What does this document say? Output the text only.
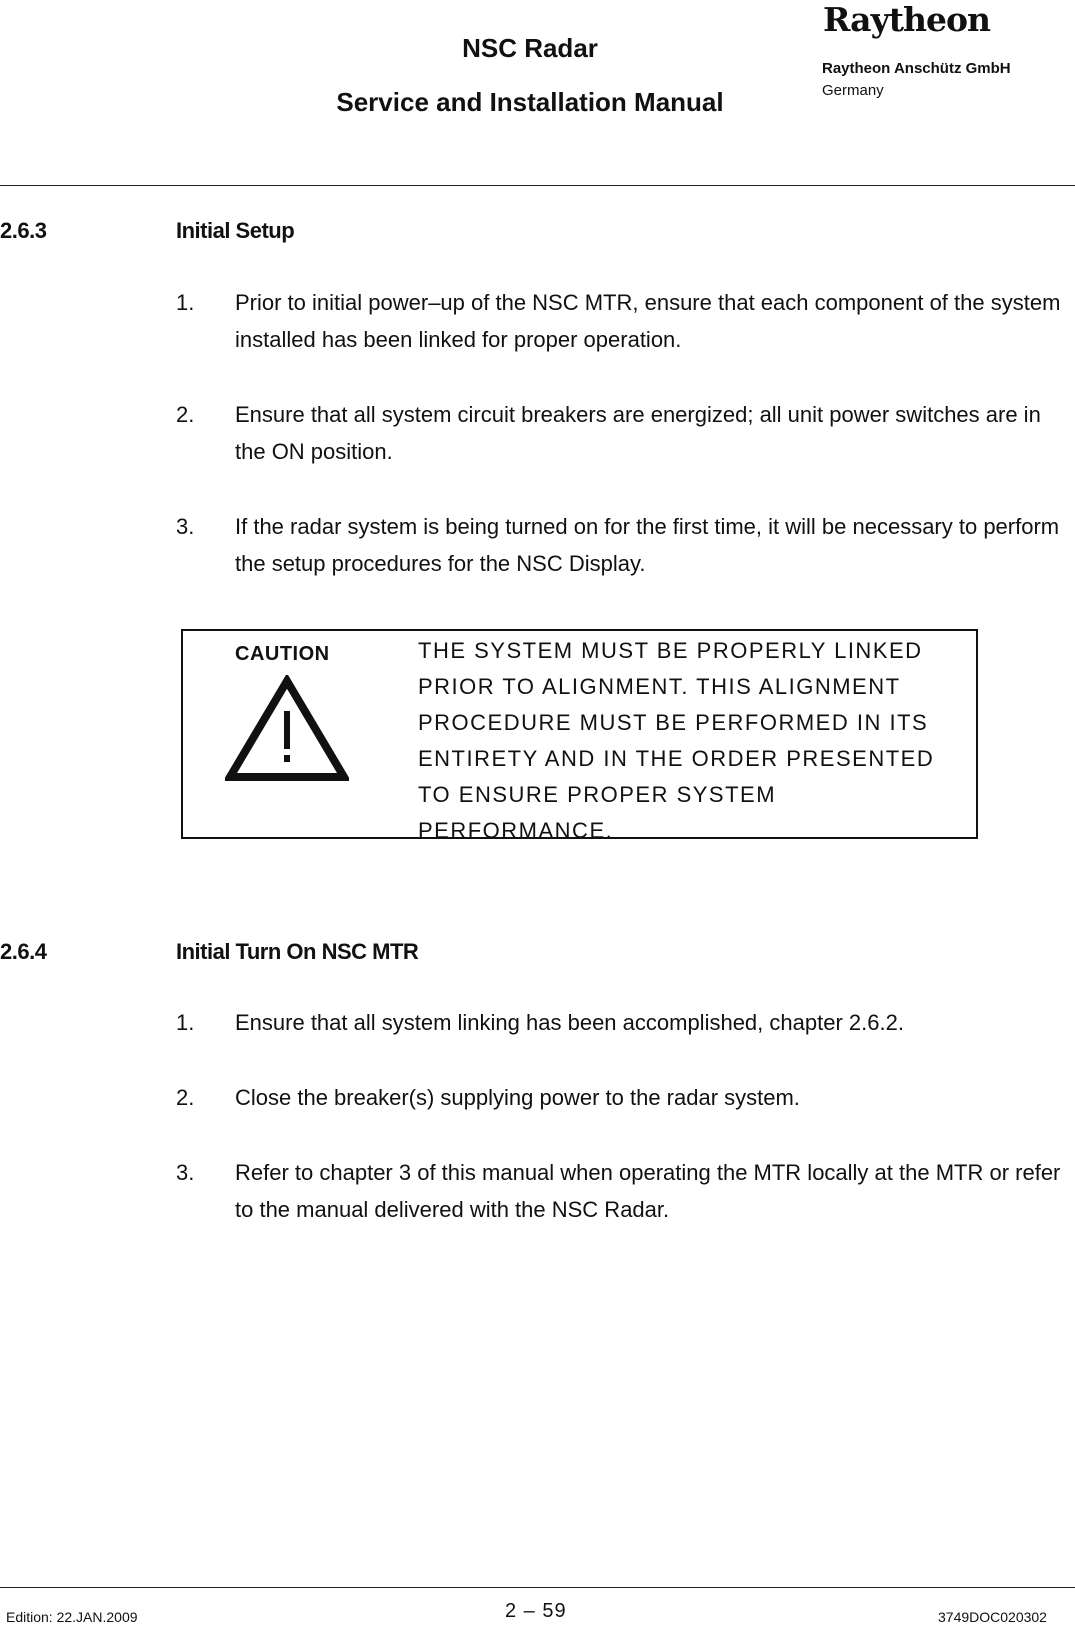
NSC Radar
Service and Installation Manual
Raytheon
Raytheon Anschütz GmbH
Germany
2.6.3	Initial Setup
1.	Prior to initial power–up of the NSC MTR, ensure that each component of the system installed has been linked for proper operation.
2.	Ensure that all system circuit breakers are energized; all unit power switches are in the ON position.
3.	If the radar system is being turned on for the first time, it will be necessary to perform the setup procedures for the NSC Display.
CAUTION	THE SYSTEM MUST BE PROPERLY LINKED PRIOR TO ALIGNMENT. THIS ALIGNMENT PROCEDURE MUST BE PERFORMED IN ITS ENTIRETY AND IN THE ORDER PRESENTED TO ENSURE PROPER SYSTEM PERFORMANCE.
2.6.4	Initial Turn On NSC MTR
1.	Ensure that all system linking has been accomplished, chapter 2.6.2.
2.	Close the breaker(s) supplying power to the radar system.
3.	Refer to chapter 3 of this manual when operating the MTR locally at the MTR or refer to the manual delivered with the NSC Radar.
Edition: 22.JAN.2009	2 – 59	3749DOC020302
